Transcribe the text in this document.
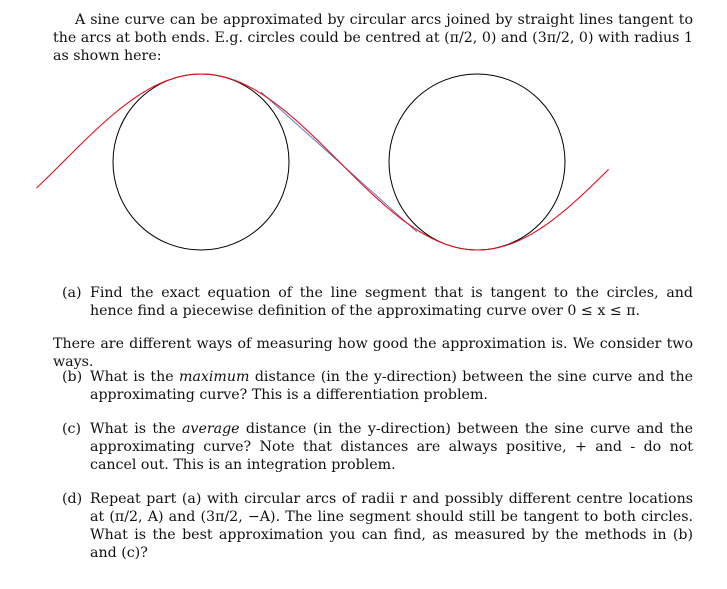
A sine curve can be approximated by circular arcs joined by straight lines tangent to the arcs at both ends. E.g. circles could be centred at (π/2, 0) and (3π/2, 0) with radius 1 as shown here:

(a) Find the exact equation of the line segment that is tangent to the circles, and hence find a piecewise definition of the approximating curve over 0 ≤ x ≤ π.

There are different ways of measuring how good the approximation is. We consider two ways.

(b) What is the maximum distance (in the y-direction) between the sine curve and the approximating curve? This is a differentiation problem.

(c) What is the average distance (in the y-direction) between the sine curve and the approximating curve? Note that distances are always positive, + and - do not cancel out. This is an integration problem.

(d) Repeat part (a) with circular arcs of radii r and possibly different centre locations at (π/2, A) and (3π/2, −A). The line segment should still be tangent to both circles. What is the best approximation you can find, as measured by the methods in (b) and (c)?
